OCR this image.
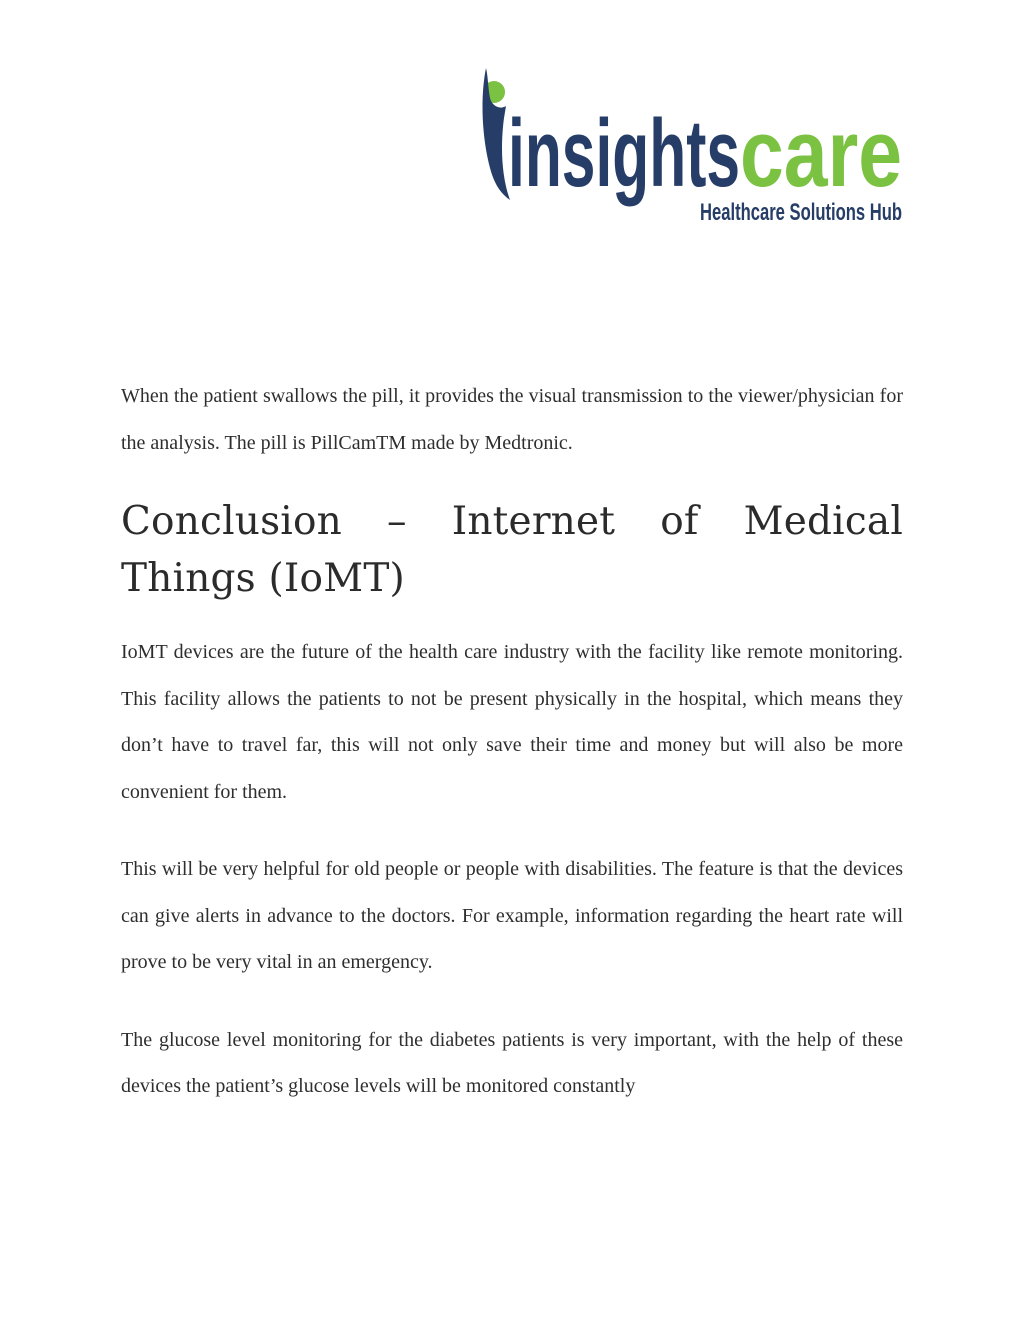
insights care
Healthcare Solutions Hub

When the patient swallows the pill, it provides the visual transmission to the viewer/physician for the analysis. The pill is PillCamTM made by Medtronic.

Conclusion – Internet of Medical Things (IoMT)

IoMT devices are the future of the health care industry with the facility like remote monitoring. This facility allows the patients to not be present physically in the hospital, which means they don’t have to travel far, this will not only save their time and money but will also be more convenient for them.

This will be very helpful for old people or people with disabilities. The feature is that the devices can give alerts in advance to the doctors. For example, information regarding the heart rate will prove to be very vital in an emergency.

The glucose level monitoring for the diabetes patients is very important, with the help of these devices the patient’s glucose levels will be monitored constantly
